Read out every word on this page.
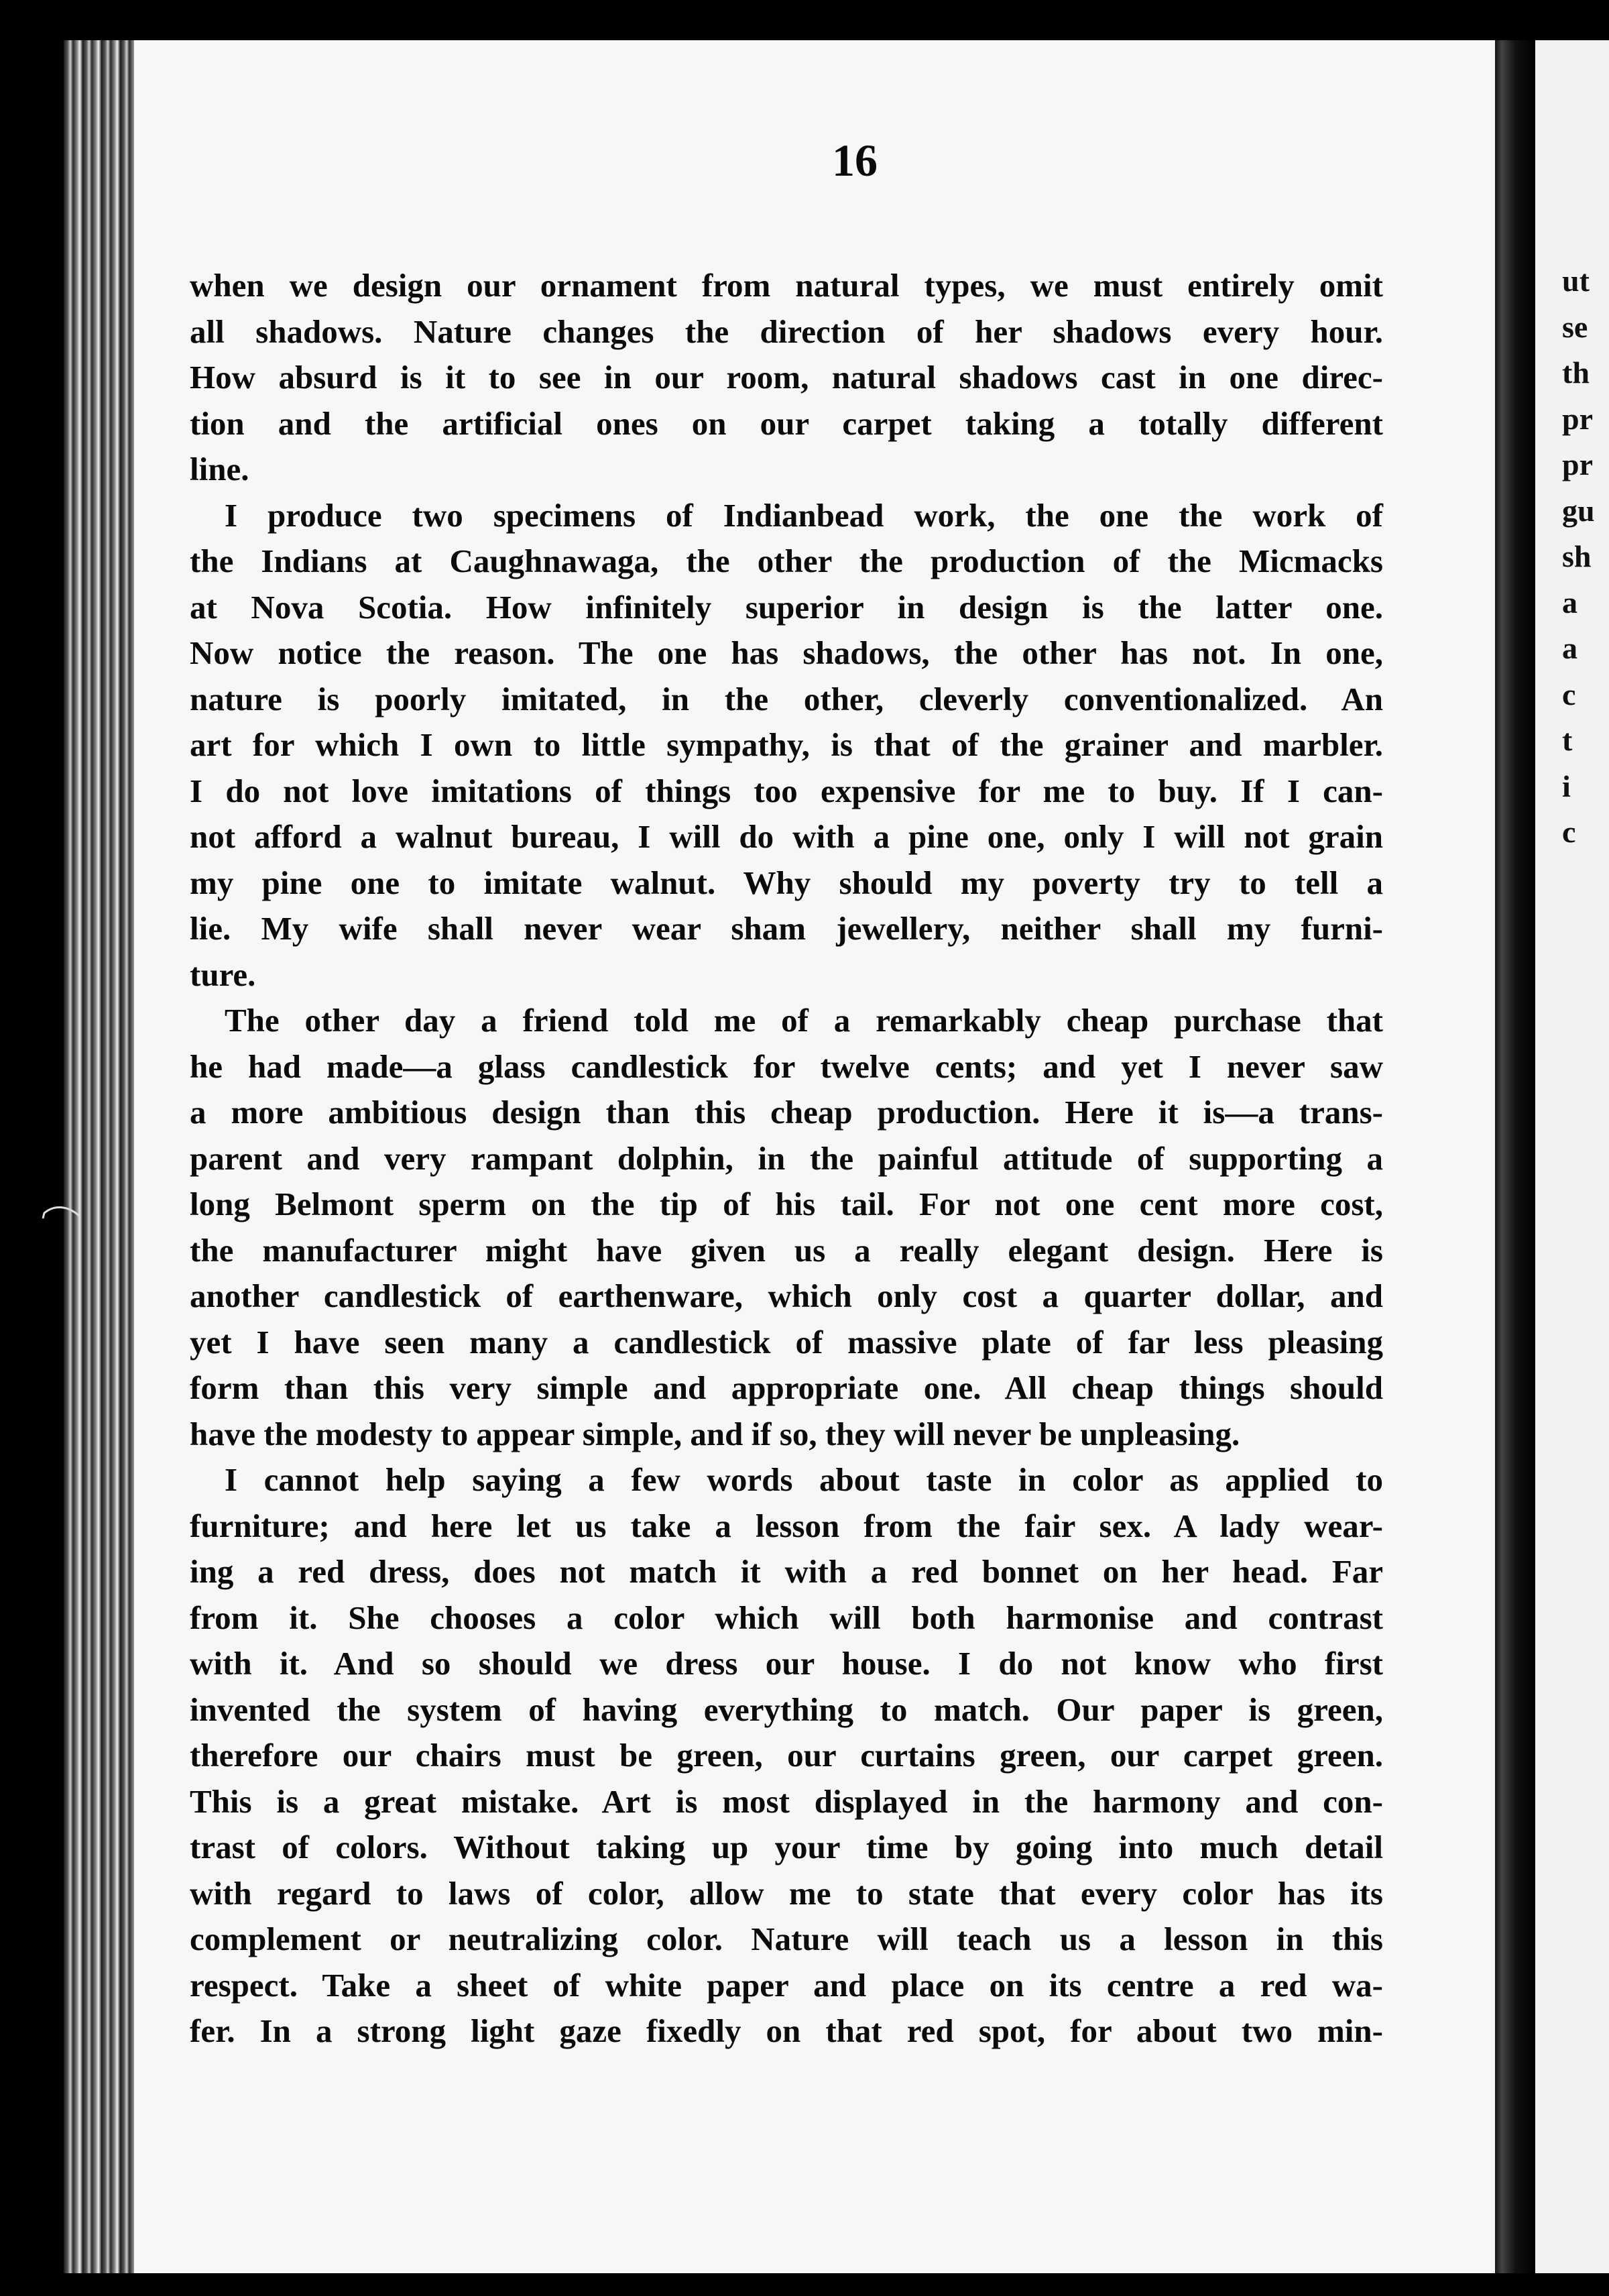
ut
se
th
pr
pr
gu
sh
a
a
c
t
i
c
16
when we design our ornament from natural types, we must entirely omit
all shadows. Nature changes the direction of her shadows every hour.
How absurd is it to see in our room, natural shadows cast in one direc-
tion and the artificial ones on our carpet taking a totally different
line.
I produce two specimens of Indianbead work, the one the work of
the Indians at Caughnawaga, the other the production of the Micmacks
at Nova Scotia. How infinitely superior in design is the latter one.
Now notice the reason. The one has shadows, the other has not. In one,
nature is poorly imitated, in the other, cleverly conventionalized. An
art for which I own to little sympathy, is that of the grainer and marbler.
I do not love imitations of things too expensive for me to buy. If I can-
not afford a walnut bureau, I will do with a pine one, only I will not grain
my pine one to imitate walnut. Why should my poverty try to tell a
lie. My wife shall never wear sham jewellery, neither shall my furni-
ture.
The other day a friend told me of a remarkably cheap purchase that
he had made—a glass candlestick for twelve cents; and yet I never saw
a more ambitious design than this cheap production. Here it is—a trans-
parent and very rampant dolphin, in the painful attitude of supporting a
long Belmont sperm on the tip of his tail. For not one cent more cost,
the manufacturer might have given us a really elegant design. Here is
another candlestick of earthenware, which only cost a quarter dollar, and
yet I have seen many a candlestick of massive plate of far less pleasing
form than this very simple and appropriate one. All cheap things should
have the modesty to appear simple, and if so, they will never be unpleasing.
I cannot help saying a few words about taste in color as applied to
furniture; and here let us take a lesson from the fair sex. A lady wear-
ing a red dress, does not match it with a red bonnet on her head. Far
from it. She chooses a color which will both harmonise and contrast
with it. And so should we dress our house. I do not know who first
invented the system of having everything to match. Our paper is green,
therefore our chairs must be green, our curtains green, our carpet green.
This is a great mistake. Art is most displayed in the harmony and con-
trast of colors. Without taking up your time by going into much detail
with regard to laws of color, allow me to state that every color has its
complement or neutralizing color. Nature will teach us a lesson in this
respect. Take a sheet of white paper and place on its centre a red wa-
fer. In a strong light gaze fixedly on that red spot, for about two min-
